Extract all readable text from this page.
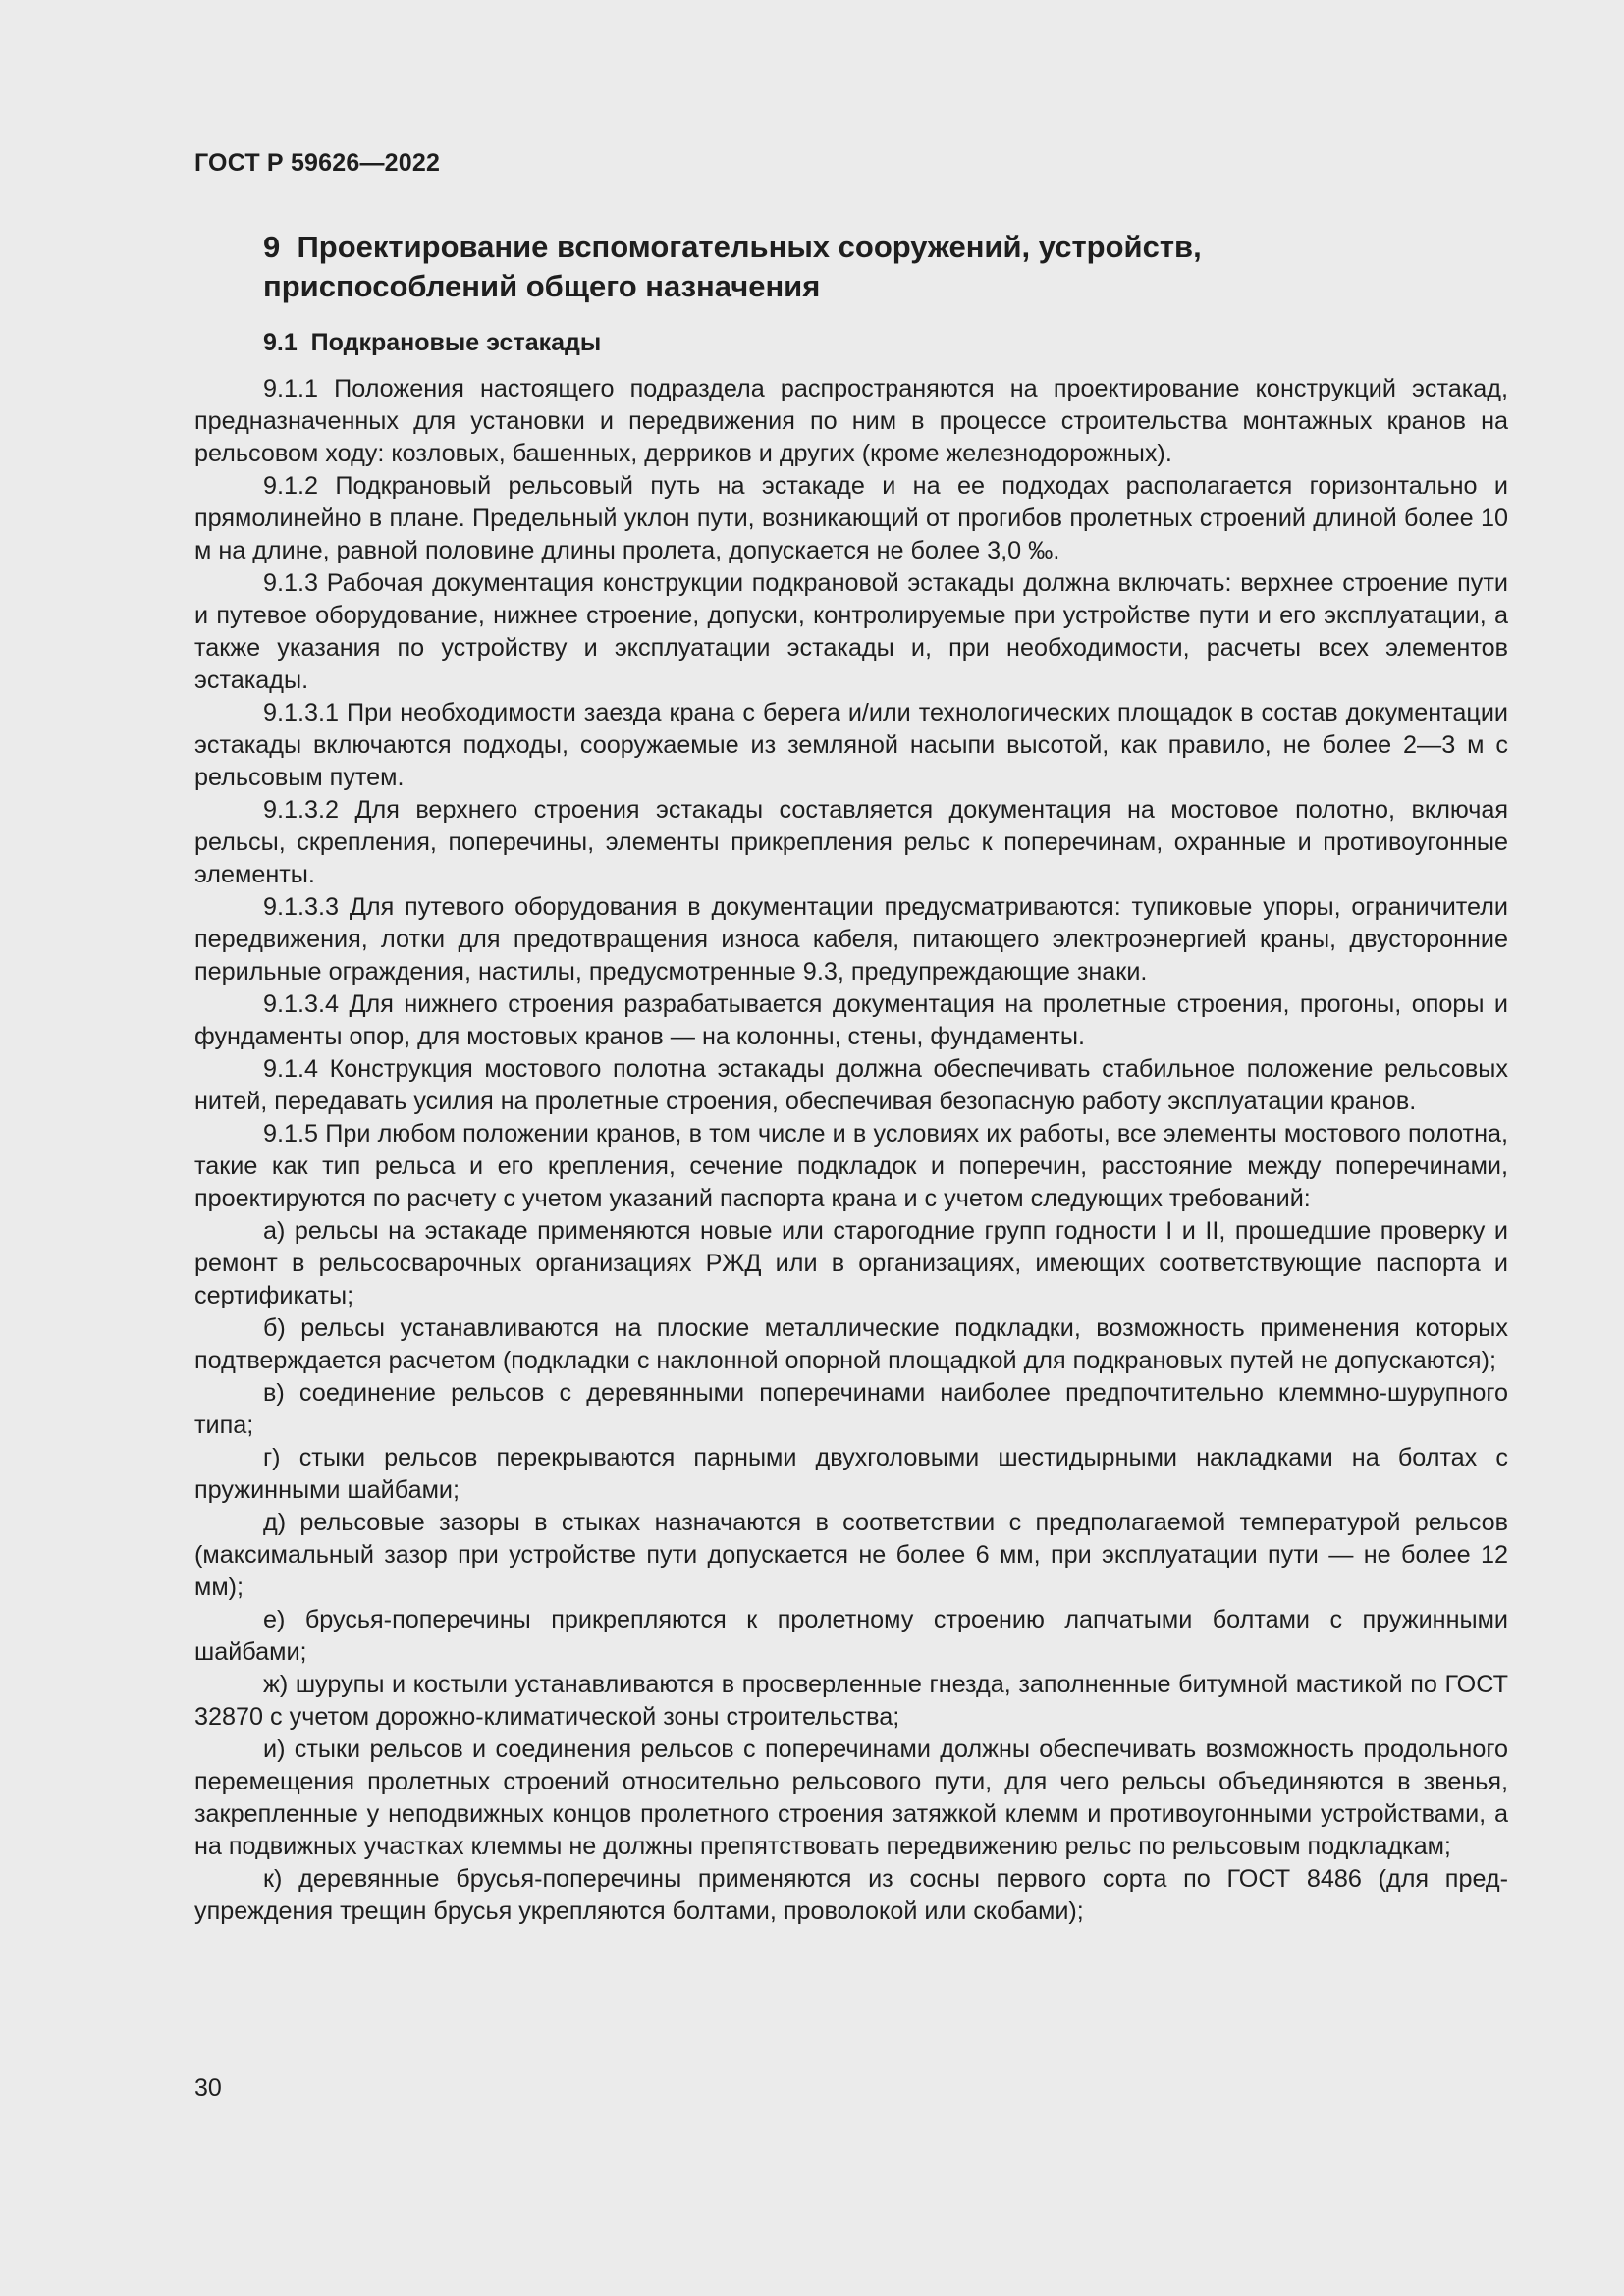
ГОСТ Р 59626—2022
9 Проектирование вспомогательных сооружений, устройств, приспособлений общего назначения
9.1 Подкрановые эстакады

9.1.1 Положения настоящего подраздела распространяются на проектирование конструкций эстакад, предназначенных для установки и передвижения по ним в процессе строительства монтажных кранов на рельсовом ходу: козловых, башенных, дерриков и других (кроме железнодорожных).

9.1.2 Подкрановый рельсовый путь на эстакаде и на ее подходах располагается горизонтально и прямолинейно в плане. Предельный уклон пути, возникающий от прогибов пролетных строений длиной более 10 м на длине, равной половине длины пролета, допускается не более 3,0 ‰.

9.1.3 Рабочая документация конструкции подкрановой эстакады должна включать: верхнее строение пути и путевое оборудование, нижнее строение, допуски, контролируемые при устройстве пути и его эксплуатации, а также указания по устройству и эксплуатации эстакады и, при необходимости, расчеты всех элементов эстакады.

9.1.3.1 При необходимости заезда крана с берега и/или технологических площадок в состав документации эстакады включаются подходы, сооружаемые из земляной насыпи высотой, как правило, не более 2—3 м с рельсовым путем.

9.1.3.2 Для верхнего строения эстакады составляется документация на мостовое полотно, включая рельсы, скрепления, поперечины, элементы прикрепления рельс к поперечинам, охранные и противоугонные элементы.

9.1.3.3 Для путевого оборудования в документации предусматриваются: тупиковые упоры, ограничители передвижения, лотки для предотвращения износа кабеля, питающего электроэнергией краны, двусторонние перильные ограждения, настилы, предусмотренные 9.3, предупреждающие знаки.

9.1.3.4 Для нижнего строения разрабатывается документация на пролетные строения, прогоны, опоры и фундаменты опор, для мостовых кранов — на колонны, стены, фундаменты.

9.1.4 Конструкция мостового полотна эстакады должна обеспечивать стабильное положение рельсовых нитей, передавать усилия на пролетные строения, обеспечивая безопасную работу эксплуатации кранов.

9.1.5 При любом положении кранов, в том числе и в условиях их работы, все элементы мостового полотна, такие как тип рельса и его крепления, сечение подкладок и поперечин, расстояние между поперечинами, проектируются по расчету с учетом указаний паспорта крана и с учетом следующих требований:

а) рельсы на эстакаде применяются новые или старогодние групп годности I и II, прошедшие проверку и ремонт в рельсосварочных организациях РЖД или в организациях, имеющих соответствующие паспорта и сертификаты;

б) рельсы устанавливаются на плоские металлические подкладки, возможность применения которых подтверждается расчетом (подкладки с наклонной опорной площадкой для подкрановых путей не допускаются);

в) соединение рельсов с деревянными поперечинами наиболее предпочтительно клеммно-шурупного типа;

г) стыки рельсов перекрываются парными двухголовыми шестидырными накладками на болтах с пружинными шайбами;

д) рельсовые зазоры в стыках назначаются в соответствии с предполагаемой температурой рельсов (максимальный зазор при устройстве пути допускается не более 6 мм, при эксплуатации пути — не более 12 мм);

е) брусья-поперечины прикрепляются к пролетному строению лапчатыми болтами с пружинными шайбами;

ж) шурупы и костыли устанавливаются в просверленные гнезда, заполненные битумной мастикой по ГОСТ 32870 с учетом дорожно-климатической зоны строительства;

и) стыки рельсов и соединения рельсов с поперечинами должны обеспечивать возможность продольного перемещения пролетных строений относительно рельсового пути, для чего рельсы объединяются в звенья, закрепленные у неподвижных концов пролетного строения затяжкой клемм и противоугонными устройствами, а на подвижных участках клеммы не должны препятствовать передвижению рельс по рельсовым подкладкам;

к) деревянные брусья-поперечины применяются из сосны первого сорта по ГОСТ 8486 (для предупреждения трещин брусья укрепляются болтами, проволокой или скобами);

30
